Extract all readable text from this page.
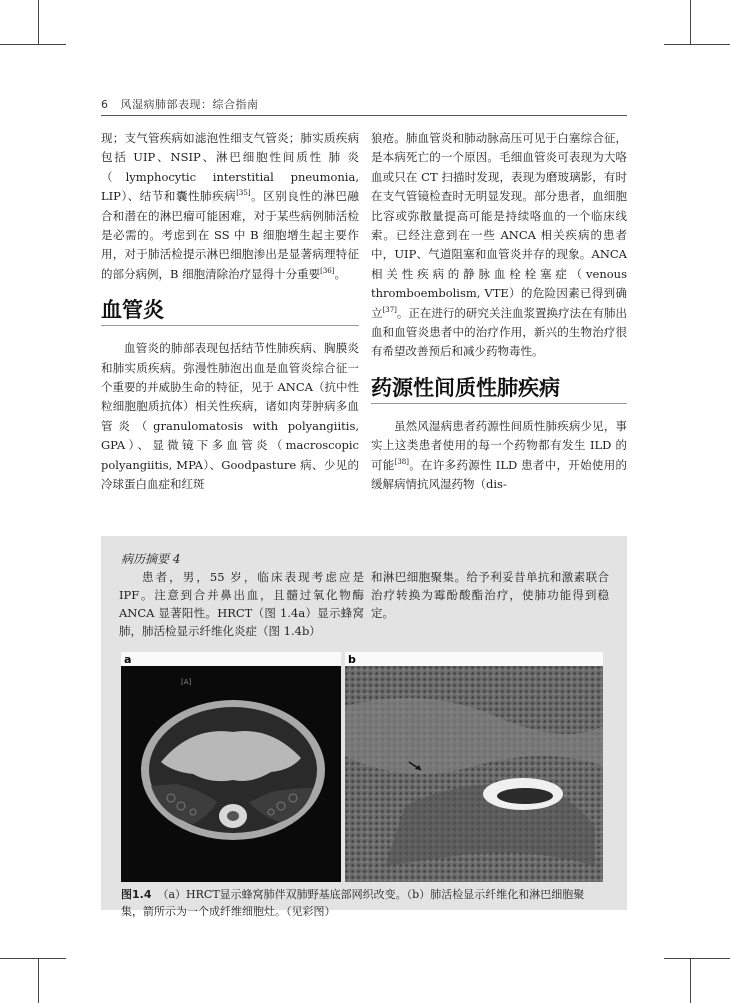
6 风湿病肺部表现：综合指南

现；支气管疾病如滤泡性细支气管炎；肺实质疾病包括 UIP、NSIP、淋巴细胞性间质性 肺 炎（lymphocytic interstitial pneumonia, LIP）、结节和囊性肺疾病[35]。区别良性的淋巴融合和潜在的淋巴瘤可能困难，对于某些病例肺活检是必需的。考虑到在 SS 中 B 细胞增生起主要作用，对于肺活检提示淋巴细胞渗出是显著病理特征的部分病例，B 细胞清除治疗显得十分重要[36]。

血管炎

血管炎的肺部表现包括结节性肺疾病、胸膜炎和肺实质疾病。弥漫性肺泡出血是血管炎综合征一个重要的并威胁生命的特征，见于 ANCA（抗中性粒细胞胞质抗体）相关性疾病，诸如肉芽肿病多血管炎（granulomatosis with polyangiitis, GPA）、显微镜下多血管炎（macroscopic polyangiitis, MPA）、Goodpasture 病、少见的冷球蛋白血症和红斑

狼疮。肺血管炎和肺动脉高压可见于白塞综合征，是本病死亡的一个原因。毛细血管炎可表现为大咯血或只在 CT 扫描时发现，表现为磨玻璃影，有时在支气管镜检查时无明显发现。部分患者，血细胞比容或弥散量提高可能是持续咯血的一个临床线索。已经注意到在一些 ANCA 相关疾病的患者中，UIP、气道阻塞和血管炎并存的现象。ANCA 相关性疾病的静脉血栓栓塞症（venous thromboembolism, VTE）的危险因素已得到确立[37]。正在进行的研究关注血浆置换疗法在有肺出血和血管炎患者中的治疗作用，新兴的生物治疗很有希望改善预后和减少药物毒性。

药源性间质性肺疾病

虽然风湿病患者药源性间质性肺疾病少见，事实上这类患者使用的每一个药物都有发生 ILD 的可能[38]。在许多药源性 ILD 患者中，开始使用的缓解病情抗风湿药物（dis-

病历摘要 4

患者，男，55 岁，临床表现考虑应是 IPF。注意到合并鼻出血，且髓过氧化物酶 ANCA 显著阳性。HRCT（图 1.4a）显示蜂窝肺，肺活检显示纤维化炎症（图 1.4b）

和淋巴细胞聚集。给予利妥昔单抗和激素联合治疗转换为霉酚酸酯治疗，使肺功能得到稳定。

a
[A]
b
图1.4 （a）HRCT显示蜂窝肺伴双肺野基底部网织改变。（b）肺活检显示纤维化和淋巴细胞聚集，箭所示为一个成纤维细胞灶。（见彩图）
